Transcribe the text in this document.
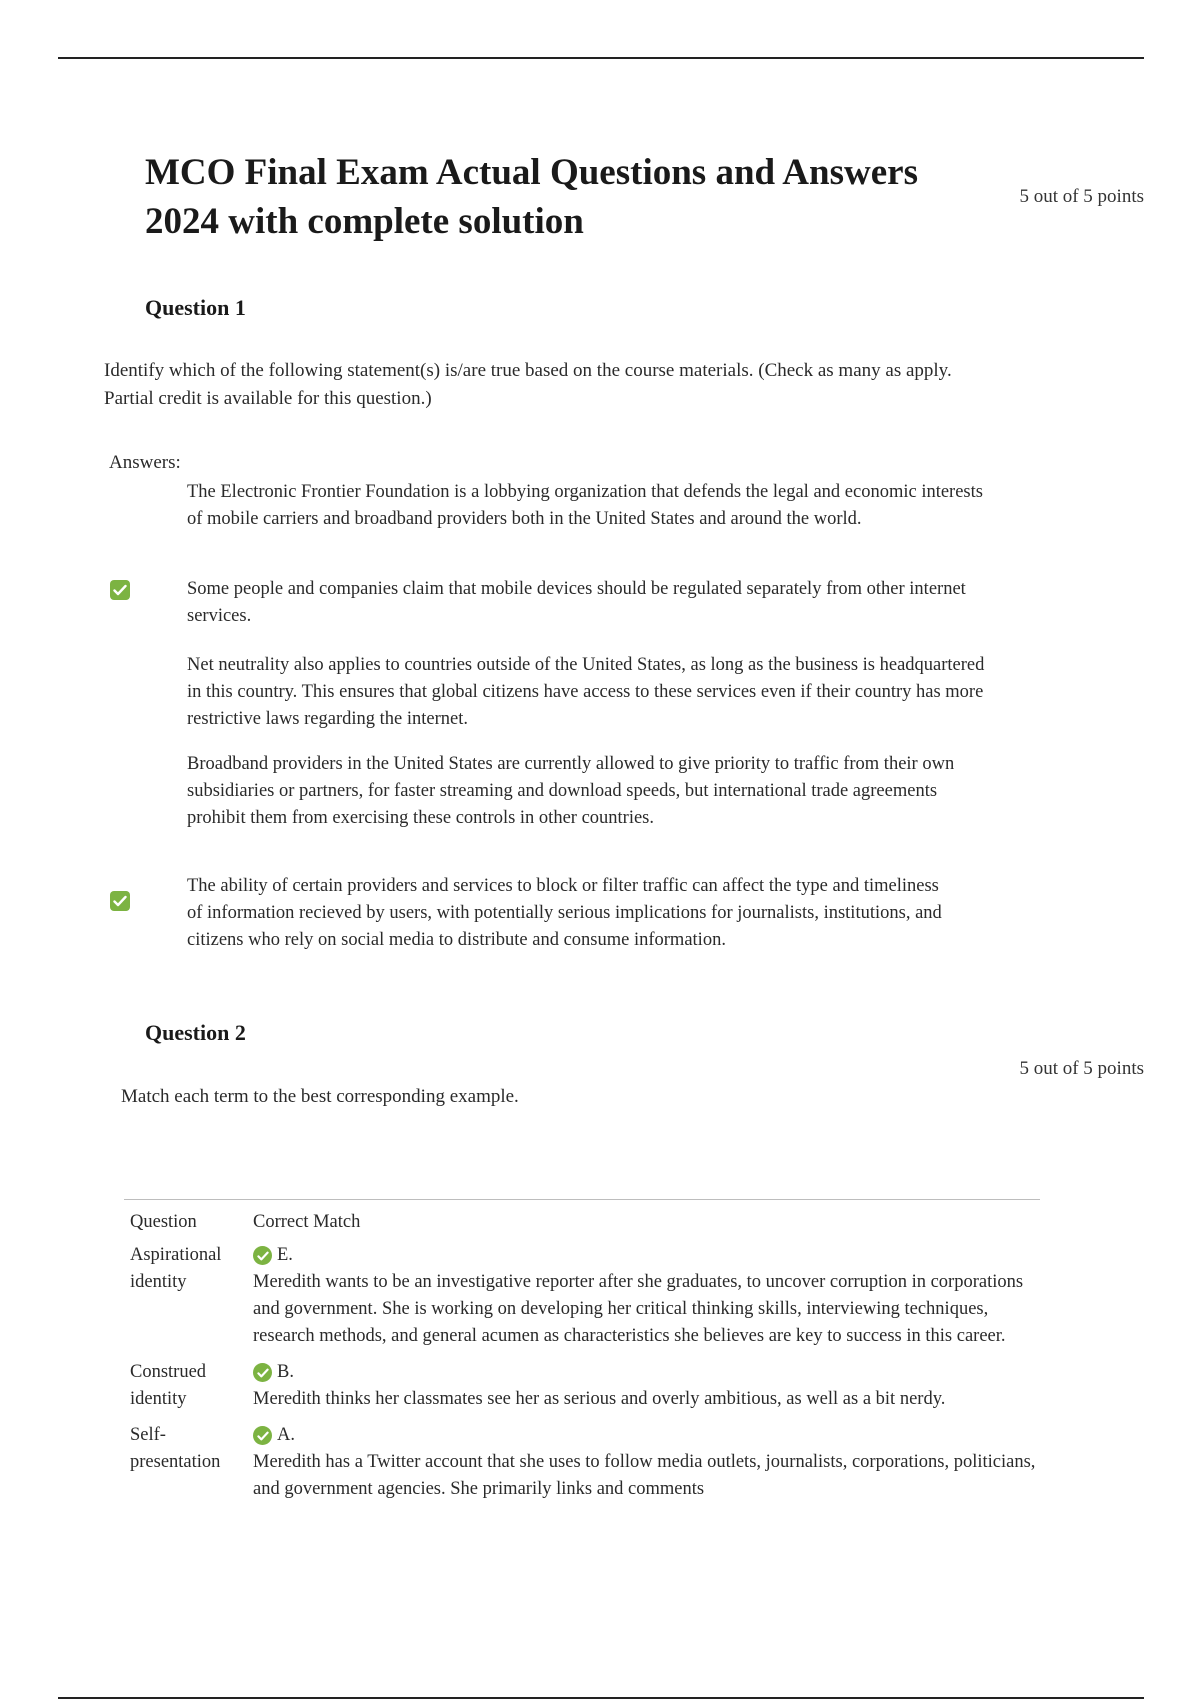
MCO Final Exam Actual Questions and Answers 2024 with complete solution
5 out of 5 points
Question 1
Identify which of the following statement(s) is/are true based on the course materials. (Check as many as apply. Partial credit is available for this question.)
Answers:
The Electronic Frontier Foundation is a lobbying organization that defends the legal and economic interests of mobile carriers and broadband providers both in the United States and around the world.
Some people and companies claim that mobile devices should be regulated separately from other internet services.
Net neutrality also applies to countries outside of the United States, as long as the business is headquartered in this country. This ensures that global citizens have access to these services even if their country has more restrictive laws regarding the internet.
Broadband providers in the United States are currently allowed to give priority to traffic from their own subsidiaries or partners, for faster streaming and download speeds, but international trade agreements prohibit them from exercising these controls in other countries.
The ability of certain providers and services to block or filter traffic can affect the type and timeliness
of information recieved by users, with potentially serious implications for journalists, institutions, and citizens who rely on social media to distribute and consume information.
Question 2
5 out of 5 points
Match each term to the best corresponding example.
Question	Correct Match
Aspirational identity
E.
Meredith wants to be an investigative reporter after she graduates, to uncover corruption in corporations and government. She is working on developing her critical thinking skills, interviewing techniques, research methods, and general acumen as characteristics she believes are key to success in this career.
Construed identity
B.
Meredith thinks her classmates see her as serious and overly ambitious, as well as a bit nerdy.
Self-presentation
A.
Meredith has a Twitter account that she uses to follow media outlets, journalists, corporations, politicians, and government agencies. She primarily links and comments
